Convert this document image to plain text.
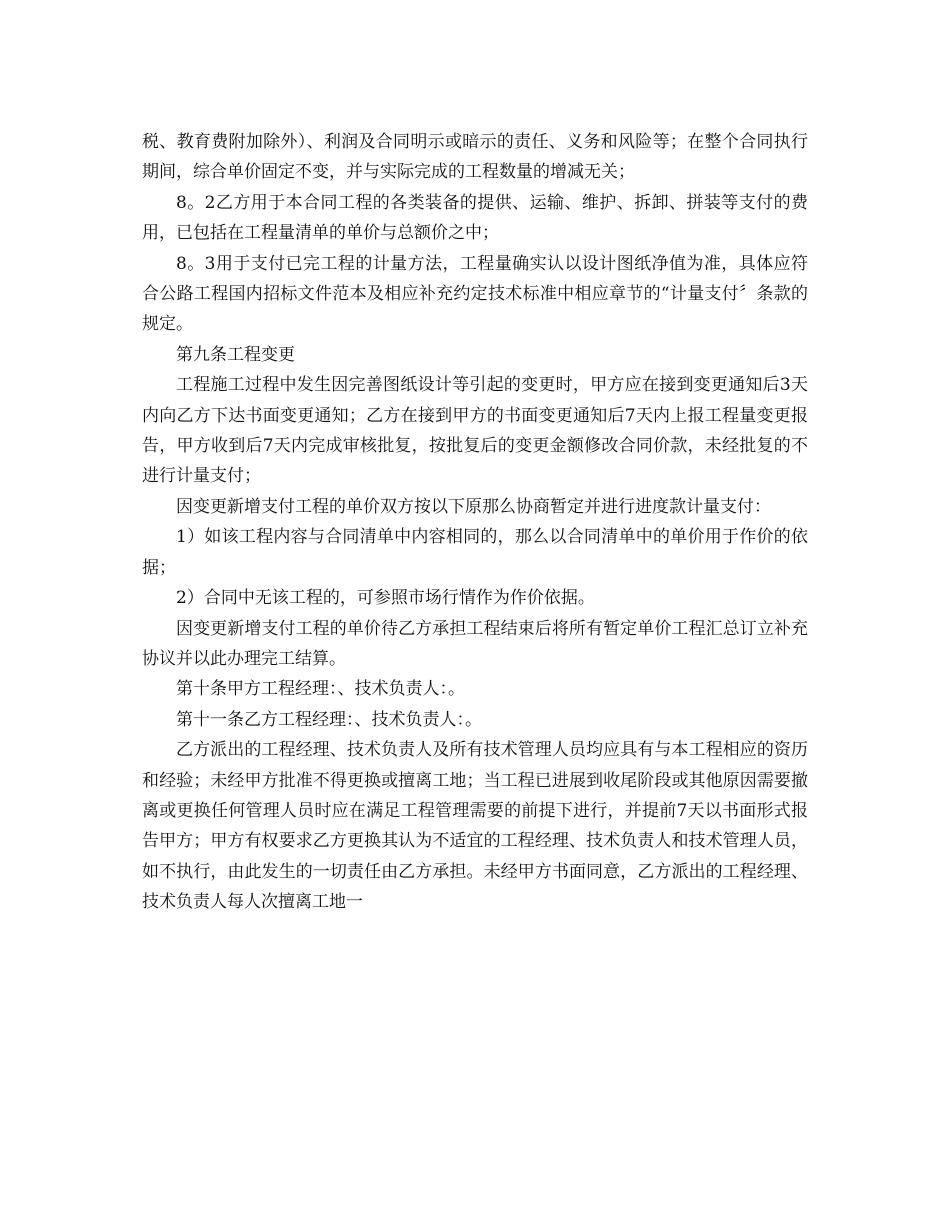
税、教育费附加除外）、利润及合同明示或暗示的责任、义务和风险等；在整个合同执行期间，综合单价固定不变，并与实际完成的工程数量的增减无关；

8。2乙方用于本合同工程的各类装备的提供、运输、维护、拆卸、拼装等支付的费用，已包括在工程量清单的单价与总额价之中；

8。3用于支付已完工程的计量方法，工程量确实认以设计图纸净值为准，具体应符合公路工程国内招标文件范本及相应补充约定技术标准中相应章节的“计量支付〞条款的规定。

第九条工程变更

工程施工过程中发生因完善图纸设计等引起的变更时，甲方应在接到变更通知后3天内向乙方下达书面变更通知；乙方在接到甲方的书面变更通知后7天内上报工程量变更报告，甲方收到后7天内完成审核批复，按批复后的变更金额修改合同价款，未经批复的不进行计量支付；

因变更新增支付工程的单价双方按以下原那么协商暂定并进行进度款计量支付：

1）如该工程内容与合同清单中内容相同的，那么以合同清单中的单价用于作价的依据；

2）合同中无该工程的，可参照市场行情作为作价依据。

因变更新增支付工程的单价待乙方承担工程结束后将所有暂定单价工程汇总订立补充协议并以此办理完工结算。

第十条甲方工程经理：、技术负责人：。

第十一条乙方工程经理：、技术负责人：。

乙方派出的工程经理、技术负责人及所有技术管理人员均应具有与本工程相应的资历和经验；未经甲方批准不得更换或擅离工地；当工程已进展到收尾阶段或其他原因需要撤离或更换任何管理人员时应在满足工程管理需要的前提下进行，并提前7天以书面形式报告甲方；甲方有权要求乙方更换其认为不适宜的工程经理、技术负责人和技术管理人员，如不执行，由此发生的一切责任由乙方承担。未经甲方书面同意，乙方派出的工程经理、技术负责人每人次擅离工地一
